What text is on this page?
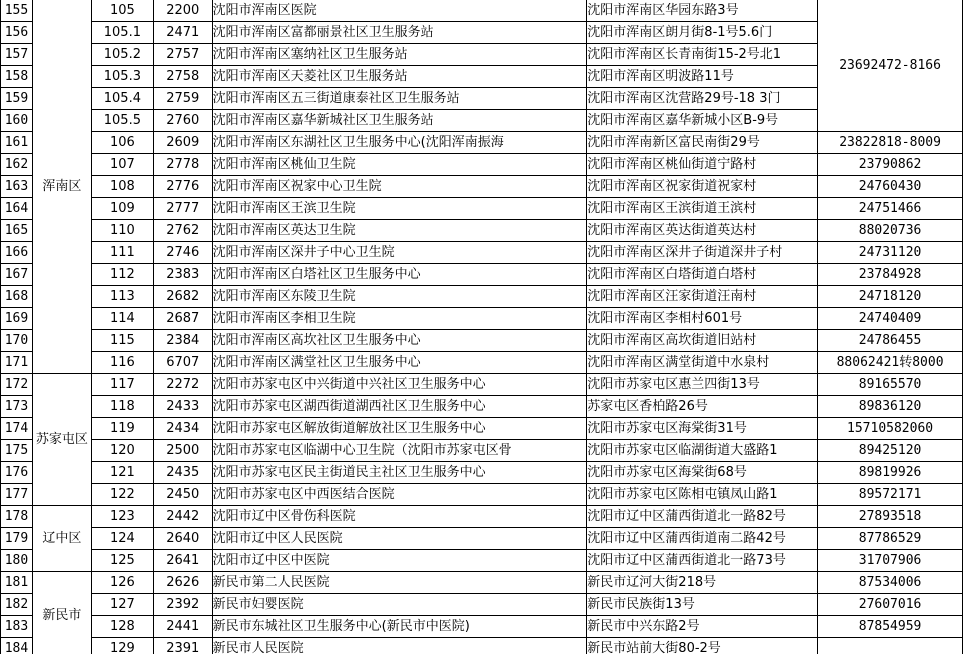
155	浑南区	105	2200	沈阳市浑南区医院	沈阳市浑南区华园东路3号	23692472-8166
156		105.1	2471	沈阳市浑南区富都丽景社区卫生服务站	沈阳市浑南区朗月街8-1号5.6门	
157		105.2	2757	沈阳市浑南区塞纳社区卫生服务站	沈阳市浑南区长青南街15-2号北1	
158		105.3	2758	沈阳市浑南区天菱社区卫生服务站	沈阳市浑南区明波路11号	
159		105.4	2759	沈阳市浑南区五三街道康泰社区卫生服务站	沈阳市浑南区沈营路29号-18 3门	
160		105.5	2760	沈阳市浑南区嘉华新城社区卫生服务站	沈阳市浑南区嘉华新城小区B-9号	
161		106	2609	沈阳市浑南区东湖社区卫生服务中心(沈阳浑南振海	沈阳市浑南新区富民南街29号	23822818-8009
162		107	2778	沈阳市浑南区桃仙卫生院	沈阳市浑南区桃仙街道宁路村	23790862
163		108	2776	沈阳市浑南区祝家中心卫生院	沈阳市浑南区祝家街道祝家村	24760430
164		109	2777	沈阳市浑南区王滨卫生院	沈阳市浑南区王滨街道王滨村	24751466
165		110	2762	沈阳市浑南区英达卫生院	沈阳市浑南区英达街道英达村	88020736
166		111	2746	沈阳市浑南区深井子中心卫生院	沈阳市浑南区深井子街道深井子村	24731120
167		112	2383	沈阳市浑南区白塔社区卫生服务中心	沈阳市浑南区白塔街道白塔村	23784928
168		113	2682	沈阳市浑南区东陵卫生院	沈阳市浑南区汪家街道汪南村	24718120
169		114	2687	沈阳市浑南区李相卫生院	沈阳市浑南区李相村601号	24740409
170		115	2384	沈阳市浑南区高坎社区卫生服务中心	沈阳市浑南区高坎街道旧站村	24786455
171		116	6707	沈阳市浑南区满堂社区卫生服务中心	沈阳市浑南区满堂街道中水泉村	88062421转8000
172	苏家屯区	117	2272	沈阳市苏家屯区中兴街道中兴社区卫生服务中心	沈阳市苏家屯区惠兰四街13号	89165570
173		118	2433	沈阳市苏家屯区湖西街道湖西社区卫生服务中心	苏家屯区香柏路26号	89836120
174		119	2434	沈阳市苏家屯区解放街道解放社区卫生服务中心	沈阳市苏家屯区海棠街31号	15710582060
175		120	2500	沈阳市苏家屯区临湖中心卫生院（沈阳市苏家屯区骨	沈阳市苏家屯区临湖街道大盛路1	89425120
176		121	2435	沈阳市苏家屯区民主街道民主社区卫生服务中心	沈阳市苏家屯区海棠街68号	89819926
177		122	2450	沈阳市苏家屯区中西医结合医院	沈阳市苏家屯区陈相屯镇凤山路1	89572171
178	辽中区	123	2442	沈阳市辽中区骨伤科医院	沈阳市辽中区蒲西街道北一路82号	27893518
179		124	2640	沈阳市辽中区人民医院	沈阳市辽中区蒲西街道南二路42号	87786529
180		125	2641	沈阳市辽中区中医院	沈阳市辽中区蒲西街道北一路73号	31707906
181	新民市	126	2626	新民市第二人民医院	新民市辽河大街218号	87534006
182		127	2392	新民市妇婴医院	新民市民族街13号	27607016
183		128	2441	新民市东城社区卫生服务中心(新民市中医院)	新民市中兴东路2号	87854959
184		129	2391	新民市人民医院	新民市站前大街80-2号	
